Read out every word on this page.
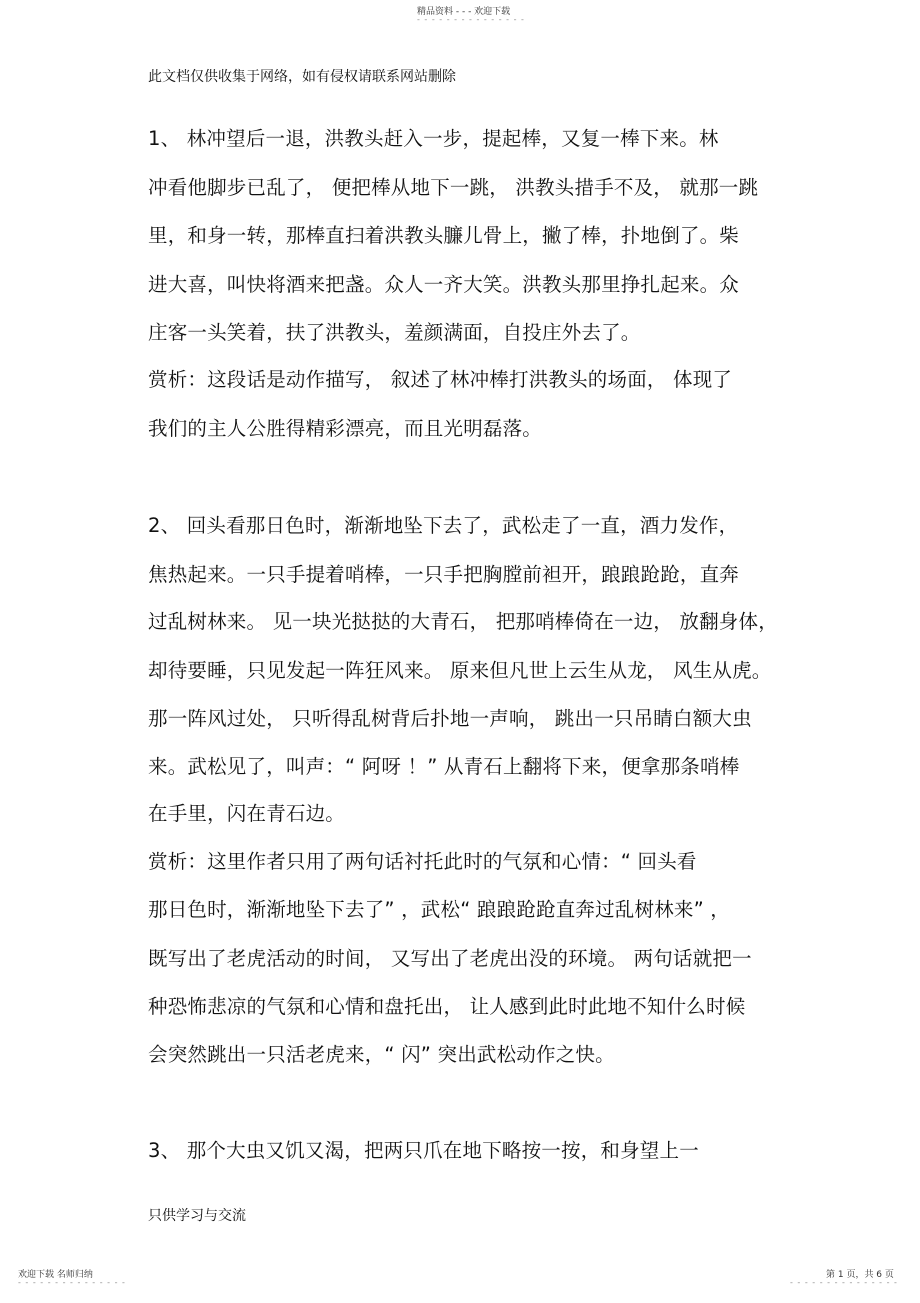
精品资料 - - - 欢迎下载
- - - - - - - - - - - - - - -
此文档仅供收集于网络，如有侵权请联系网站删除
1、 林冲望后一退，洪教头赶入一步，提起棒，又复一棒下来。林
冲看他脚步已乱了， 便把棒从地下一跳， 洪教头措手不及， 就那一跳
里，和身一转，那棒直扫着洪教头臁儿骨上，撇了棒，扑地倒了。柴
进大喜，叫快将酒来把盏。众人一齐大笑。洪教头那里挣扎起来。众
庄客一头笑着，扶了洪教头，羞颜满面，自投庄外去了。
赏析：这段话是动作描写， 叙述了林冲棒打洪教头的场面， 体现了
我们的主人公胜得精彩漂亮，而且光明磊落。
2、 回头看那日色时，渐渐地坠下去了，武松走了一直，酒力发作，
焦热起来。一只手提着哨棒，一只手把胸膛前袒开，踉踉跄跄，直奔
过乱树林来。 见一块光挞挞的大青石， 把那哨棒倚在一边， 放翻身体，
却待要睡，只见发起一阵狂风来。 原来但凡世上云生从龙， 风生从虎。
那一阵风过处， 只听得乱树背后扑地一声响， 跳出一只吊睛白额大虫
来。武松见了，叫声：“ 阿呀 ！” 从青石上翻将下来，便拿那条哨棒
在手里，闪在青石边。
赏析：这里作者只用了两句话衬托此时的气氛和心情：“ 回头看
那日色时，渐渐地坠下去了” ，武松“ 踉踉跄跄直奔过乱树林来” ，
既写出了老虎活动的时间， 又写出了老虎出没的环境。 两句话就把一
种恐怖悲凉的气氛和心情和盘托出， 让人感到此时此地不知什么时候
会突然跳出一只活老虎来，“ 闪” 突出武松动作之快。
3、 那个大虫又饥又渴，把两只爪在地下略按一按，和身望上一
只供学习与交流
欢迎下载 名师归纳
- - - - - - - - - - - - - - -
第 1 页，共 6 页
- - - - - - - - - - - - - - -
